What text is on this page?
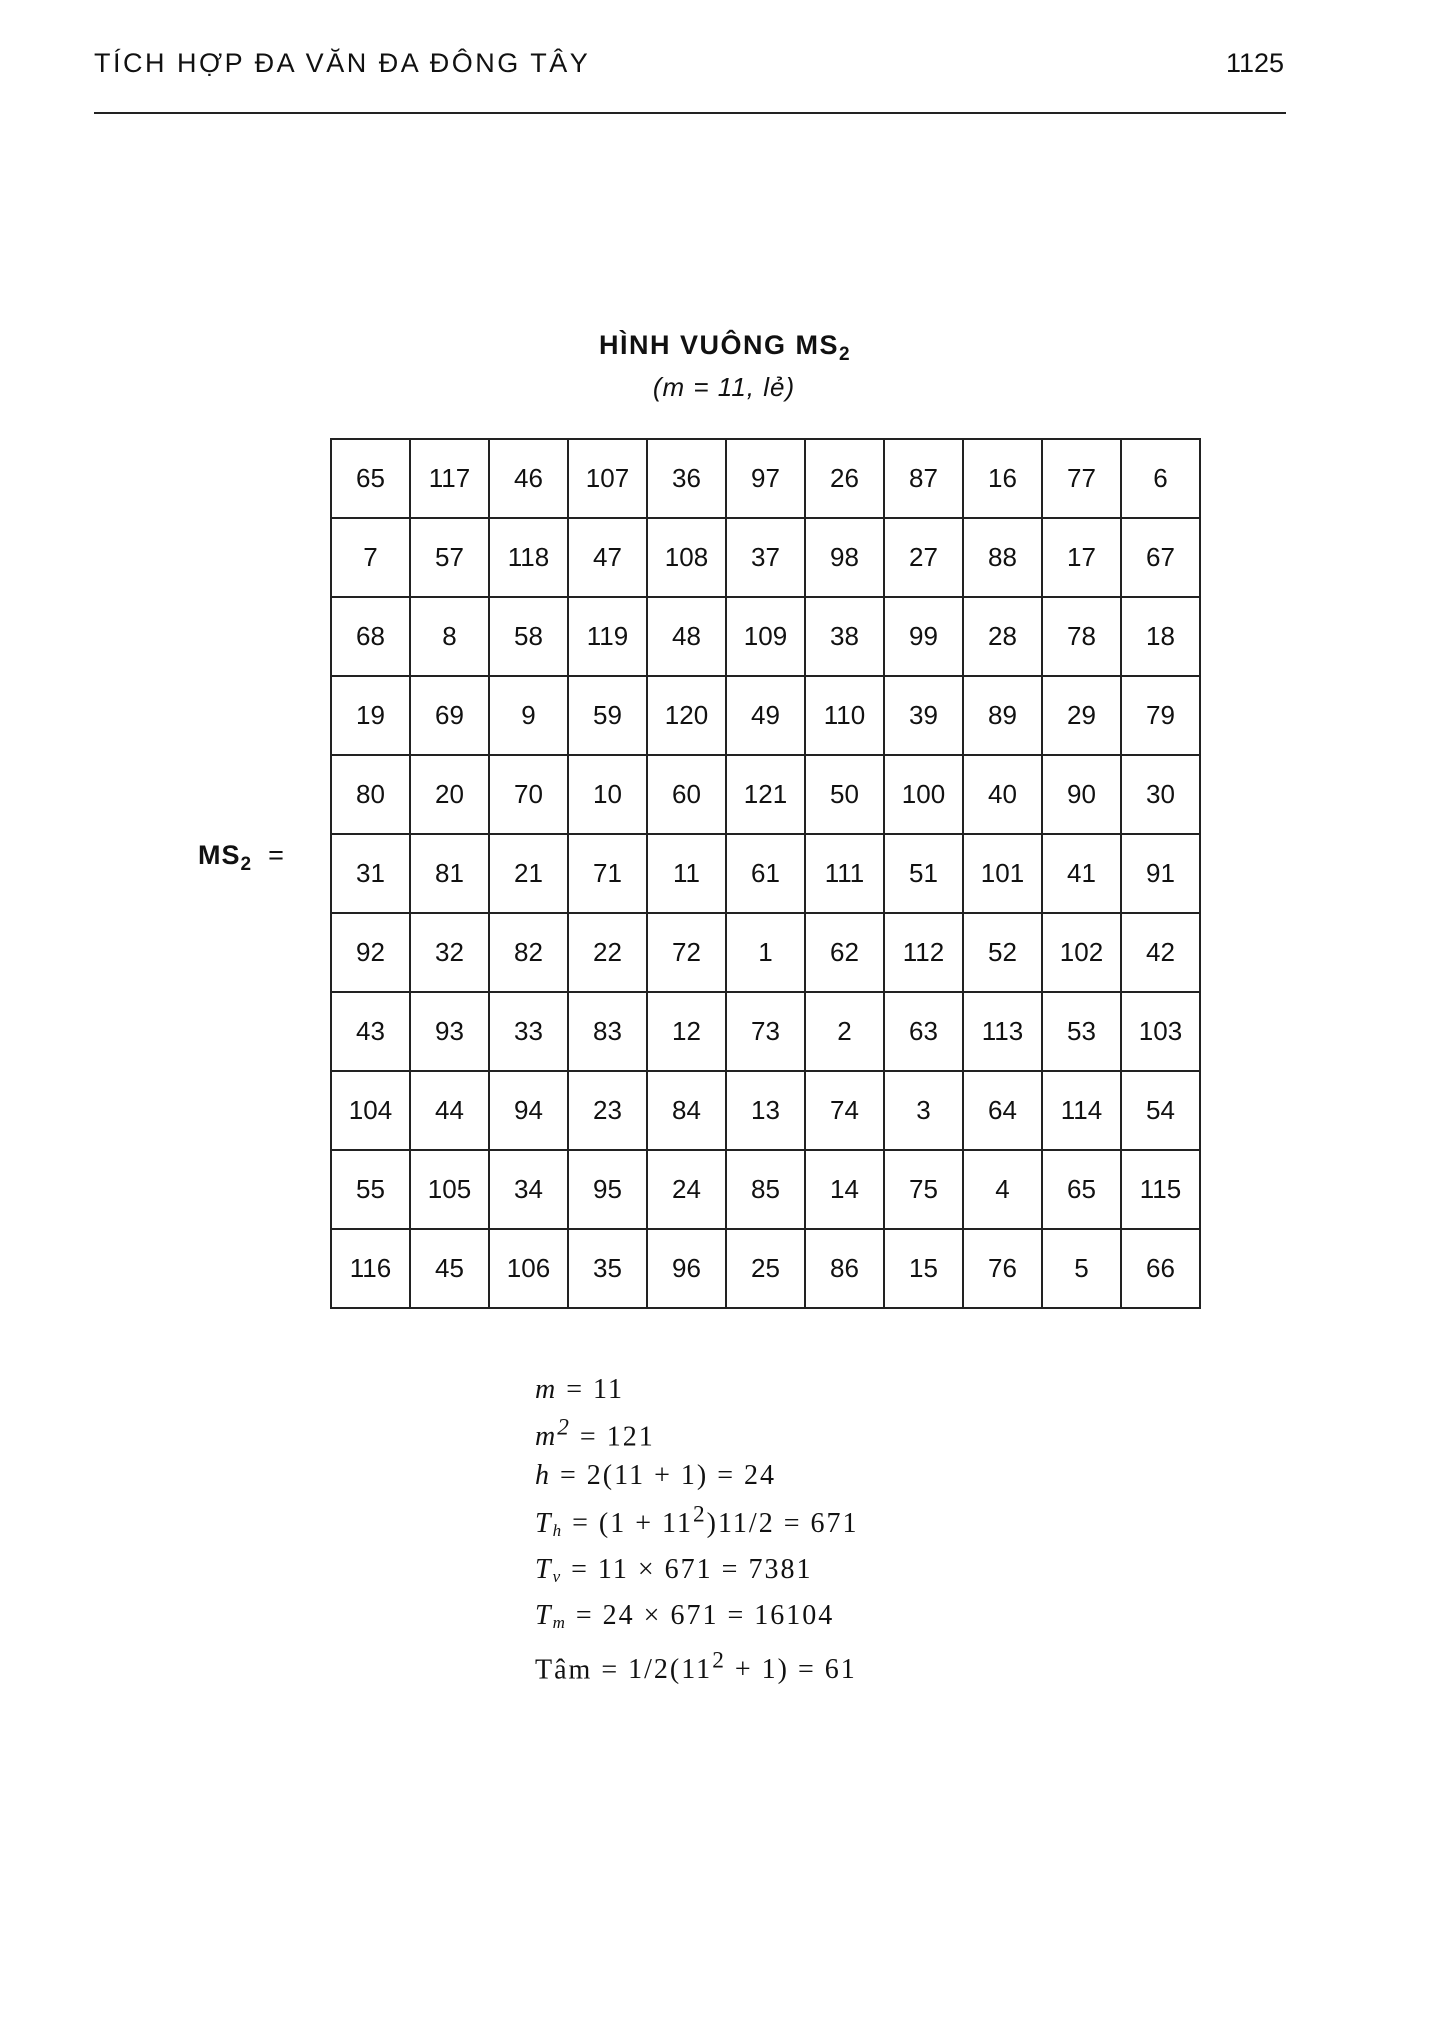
TÍCH HỢP ĐA VĂN ĐA ĐÔNG TÂY	1125
HÌNH VUÔNG $MS_2$
(m = 11, lẻ)
$MS_2$ =
65	117	46	107	36	97	26	87	16	77	6
7	57	118	47	108	37	98	27	88	17	67
68	8	58	119	48	109	38	99	28	78	18
19	69	9	59	120	49	110	39	89	29	79
80	20	70	10	60	121	50	100	40	90	30
31	81	21	71	11	61	111	51	101	41	91
92	32	82	22	72	1	62	112	52	102	42
43	93	33	83	12	73	2	63	113	53	103
104	44	94	23	84	13	74	3	64	114	54
55	105	34	95	24	85	14	75	4	65	115
116	45	106	35	96	25	86	15	76	5	66
m = 11
$m^2 = 121$
h = 2(11 + 1) = 24
$T_h = (1 + 11^2)11/2 = 671$
$T_v = 11 \times 671 = 7381$
$T_m = 24 \times 671 = 16104$
Tâm = $1/2(11^2 + 1) = 61$
